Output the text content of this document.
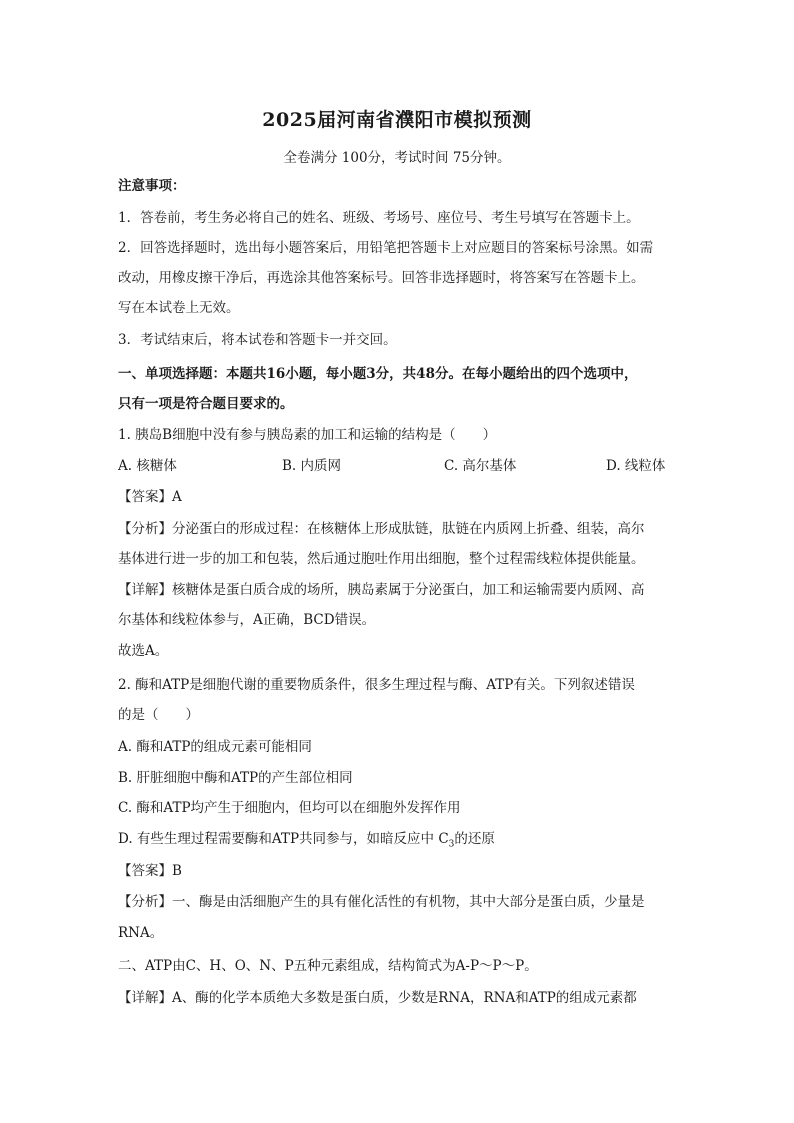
2025届河南省濮阳市模拟预测
全卷满分 100分，考试时间 75分钟。
注意事项：
1．答卷前，考生务必将自己的姓名、班级、考场号、座位号、考生号填写在答题卡上。
2．回答选择题时，选出每小题答案后，用铅笔把答题卡上对应题目的答案标号涂黑。如需
改动，用橡皮擦干净后，再选涂其他答案标号。回答非选择题时，将答案写在答题卡上。
写在本试卷上无效。
3．考试结束后，将本试卷和答题卡一并交回。
一、单项选择题：本题共16小题，每小题3分，共48分。在每小题给出的四个选项中，
只有一项是符合题目要求的。
1. 胰岛B细胞中没有参与胰岛素的加工和运输的结构是（　　）
A. 核糖体	B. 内质网	C. 高尔基体	D. 线粒体
【答案】A
【分析】分泌蛋白的形成过程：在核糖体上形成肽链，肽链在内质网上折叠、组装，高尔
基体进行进一步的加工和包装，然后通过胞吐作用出细胞，整个过程需线粒体提供能量。
【详解】核糖体是蛋白质合成的场所，胰岛素属于分泌蛋白，加工和运输需要内质网、高
尔基体和线粒体参与，A正确，BCD错误。
故选A。
2. 酶和ATP是细胞代谢的重要物质条件，很多生理过程与酶、ATP有关。下列叙述错误
的是（　　）
A. 酶和ATP的组成元素可能相同
B. 肝脏细胞中酶和ATP的产生部位相同
C. 酶和ATP均产生于细胞内，但均可以在细胞外发挥作用
D. 有些生理过程需要酶和ATP共同参与，如暗反应中 $C_3$的还原
【答案】B
【分析】一、酶是由活细胞产生的具有催化活性的有机物，其中大部分是蛋白质，少量是
RNA。
二、ATP由C、H、O、N、P五种元素组成，结构简式为A-P～P～P。
【详解】A、酶的化学本质绝大多数是蛋白质，少数是RNA，RNA和ATP的组成元素都
